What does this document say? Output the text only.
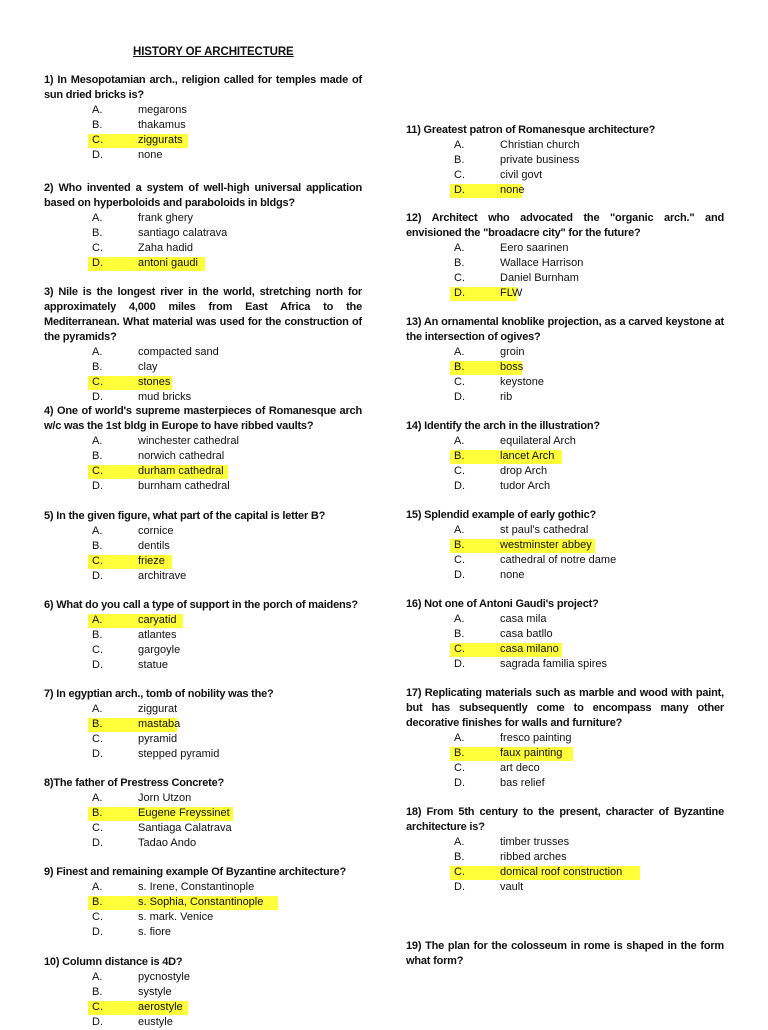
HISTORY OF ARCHITECTURE
1) In Mesopotamian arch., religion called for temples made of sun dried bricks is?
A.	megarons
B.	thakamus
C.	ziggurats
D.	none
2) Who invented a system of well-high universal application based on hyperboloids and paraboloids in bldgs?
A.	frank ghery
B.	santiago calatrava
C.	Zaha hadid
D.	antoni gaudi
3) Nile is the longest river in the world, stretching north for approximately 4,000 miles from East Africa to the Mediterranean. What material was used for the construction of the pyramids?
A.	compacted sand
B.	clay
C.	stones
D.	mud bricks
4) One of world's supreme masterpieces of Romanesque arch w/c was the 1st bldg in Europe to have ribbed vaults?
A.	winchester cathedral
B.	norwich cathedral
C.	durham cathedral
D.	burnham cathedral
5) In the given figure, what part of the capital is letter B?
A.	cornice
B.	dentils
C.	frieze
D.	architrave
6) What do you call a type of support in the porch of maidens?
A.	caryatid
B.	atlantes
C.	gargoyle
D.	statue
7) In egyptian arch., tomb of nobility was the?
A.	ziggurat
B.	mastaba
C.	pyramid
D.	stepped pyramid
8)The father of Prestress Concrete?
A.	Jorn Utzon
B.	Eugene Freyssinet
C.	Santiaga Calatrava
D.	Tadao Ando
9) Finest and remaining example Of Byzantine architecture?
A.	s. Irene, Constantinople
B.	s. Sophia, Constantinople
C.	s. mark. Venice
D.	s. fiore
10) Column distance is 4D?
A.	pycnostyle
B.	systyle
C.	aerostyle
D.	eustyle
11) Greatest patron of Romanesque architecture?
A.	Christian church
B.	private business
C.	civil govt
D.	none
12) Architect who advocated the "organic arch." and envisioned the "broadacre city" for the future?
A.	Eero saarinen
B.	Wallace Harrison
C.	Daniel Burnham
D.	FLW
13) An ornamental knoblike projection, as a carved keystone at the intersection of ogives?
A.	groin
B.	boss
C.	keystone
D.	rib
14) Identify the arch in the illustration?
A.	equilateral Arch
B.	lancet Arch
C.	drop Arch
D.	tudor Arch
15) Splendid example of early gothic?
A.	st paul's cathedral
B.	westminster abbey
C.	cathedral of notre dame
D.	none
16) Not one of Antoni Gaudi's project?
A.	casa mila
B.	casa batllo
C.	casa milano
D.	sagrada familia spires
17) Replicating materials such as marble and wood with paint, but has subsequently come to encompass many other decorative finishes for walls and furniture?
A.	fresco painting
B.	faux painting
C.	art deco
D.	bas relief
18) From 5th century to the present, character of Byzantine architecture is?
A.	timber trusses
B.	ribbed arches
C.	domical roof construction
D.	vault
19) The plan for the colosseum in rome is shaped in the form what form?
